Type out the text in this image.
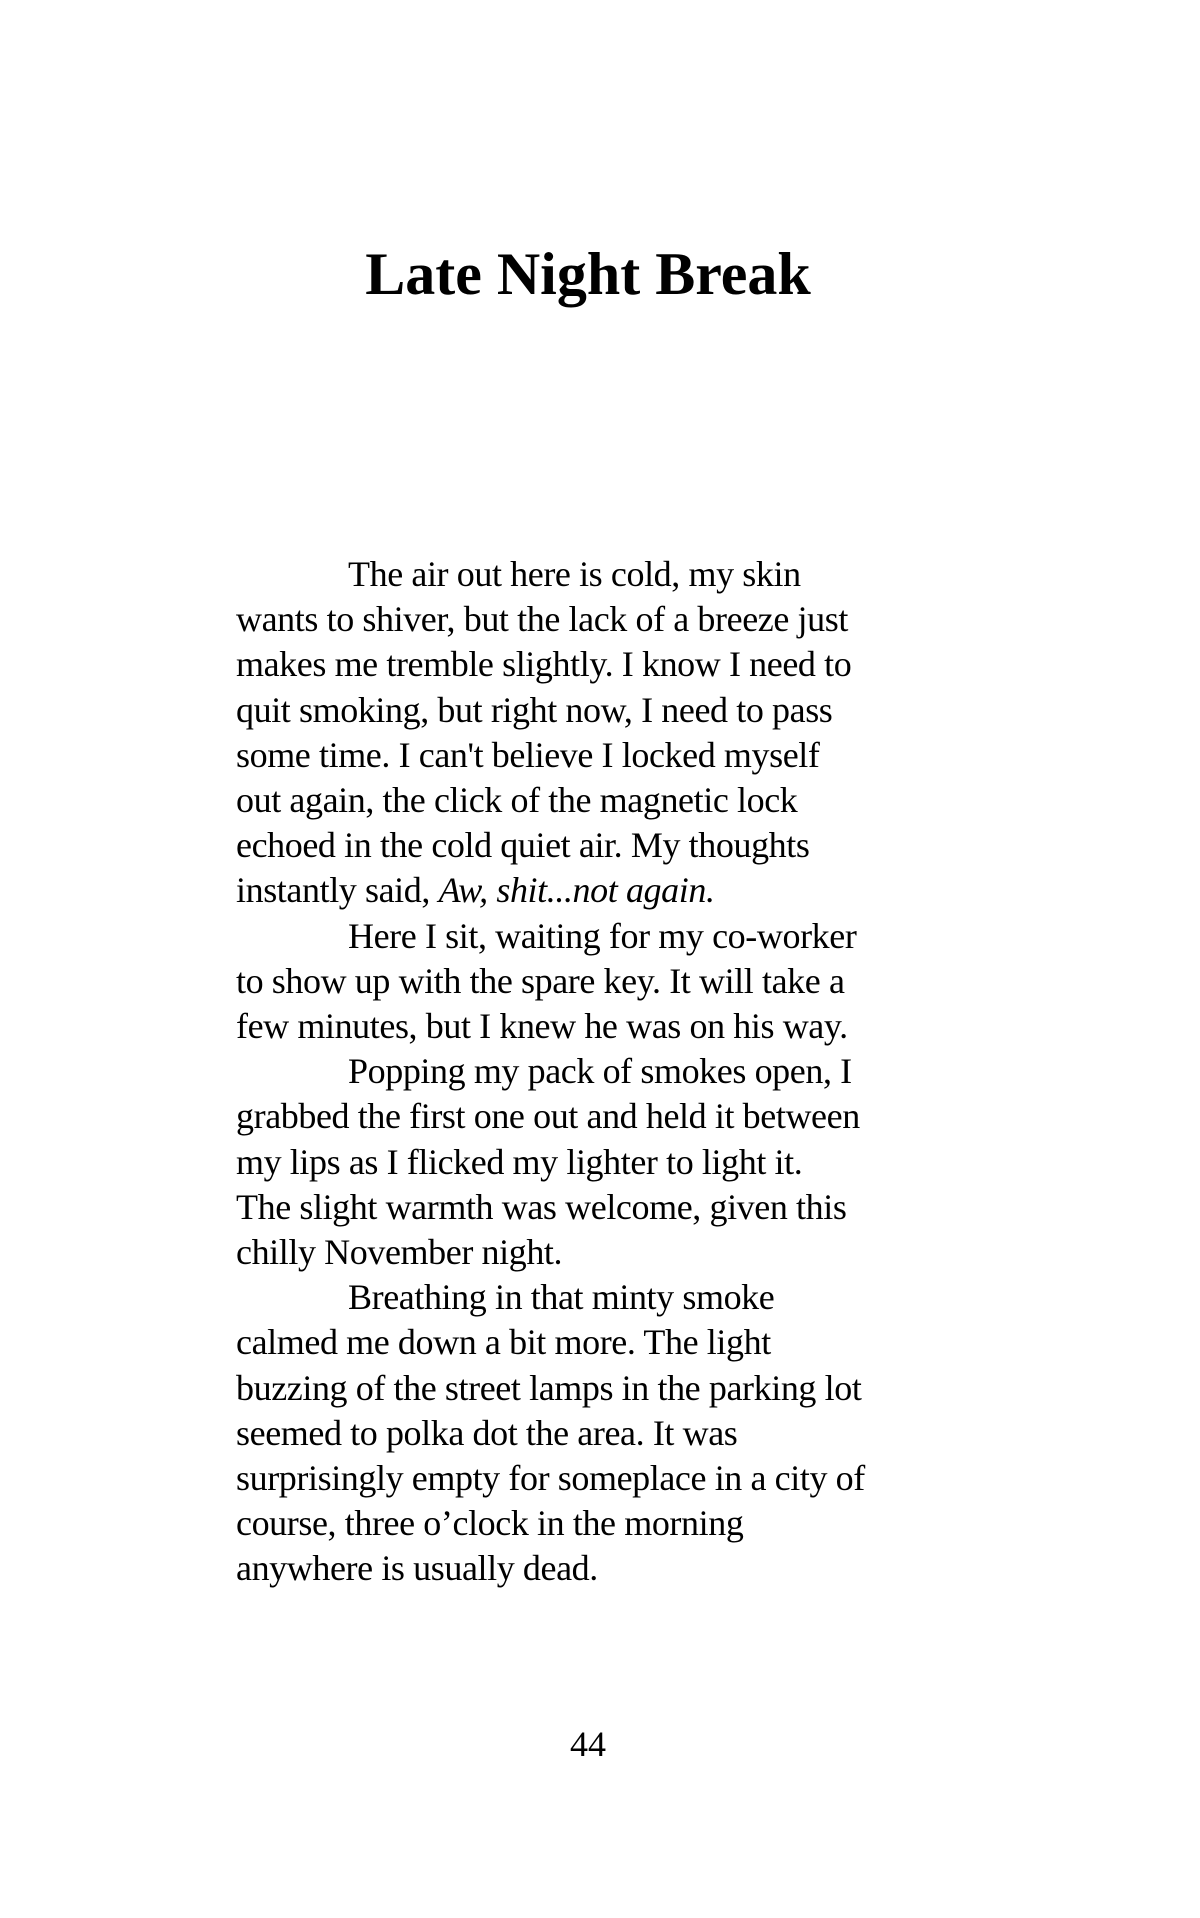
Late Night Break
The air out here is cold, my skin
wants to shiver, but the lack of a breeze just
makes me tremble slightly. I know I need to
quit smoking, but right now, I need to pass
some time. I can't believe I locked myself
out again, the click of the magnetic lock
echoed in the cold quiet air. My thoughts
instantly said, Aw, shit...not again.
Here I sit, waiting for my co-worker
to show up with the spare key. It will take a
few minutes, but I knew he was on his way.
Popping my pack of smokes open, I
grabbed the first one out and held it between
my lips as I flicked my lighter to light it.
The slight warmth was welcome, given this
chilly November night.
Breathing in that minty smoke
calmed me down a bit more. The light
buzzing of the street lamps in the parking lot
seemed to polka dot the area. It was
surprisingly empty for someplace in a city of
course, three o’clock in the morning
anywhere is usually dead.
44
